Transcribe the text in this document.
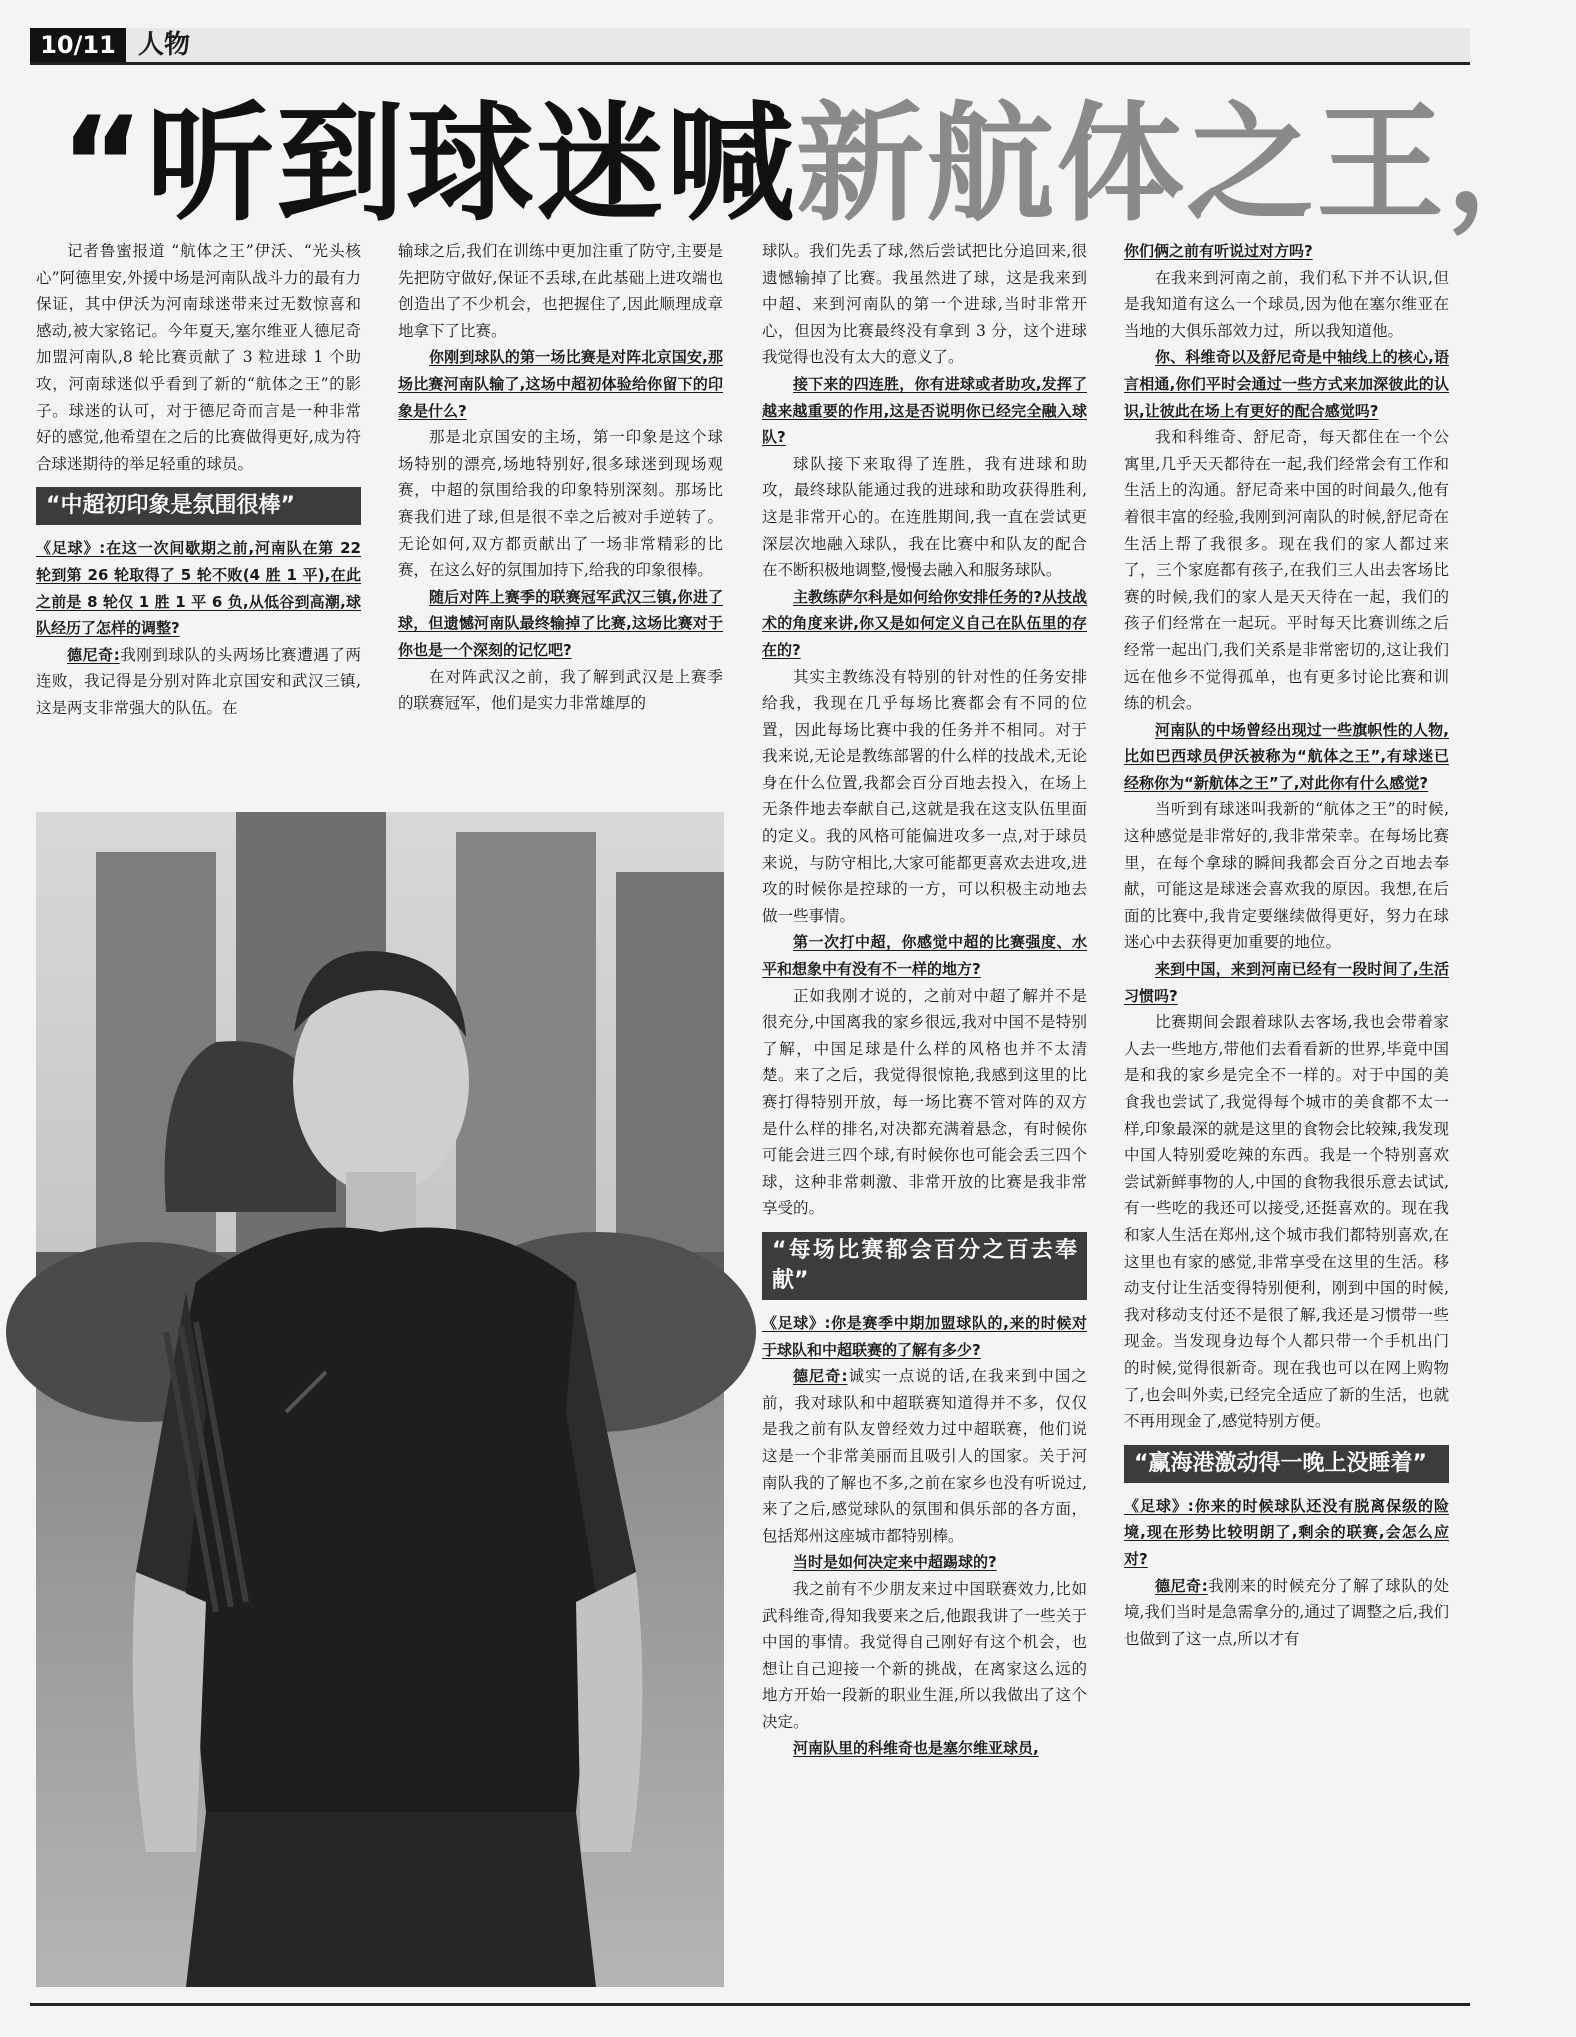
10/11 人物
“听到球迷喊新航体之王，

记者鲁蜜报道 “航体之王”伊沃、“光头核心”阿德里安,外援中场是河南队战斗力的最有力保证，其中伊沃为河南球迷带来过无数惊喜和感动,被大家铭记。今年夏天,塞尔维亚人德尼奇加盟河南队,8 轮比赛贡献了 3 粒进球 1 个助攻，河南球迷似乎看到了新的“航体之王”的影子。球迷的认可，对于德尼奇而言是一种非常好的感觉,他希望在之后的比赛做得更好,成为符合球迷期待的举足轻重的球员。

“中超初印象是氛围很棒”

《足球》:在这一次间歇期之前,河南队在第 22 轮到第 26 轮取得了 5 轮不败(4 胜 1 平),在此之前是 8 轮仅 1 胜 1 平 6 负,从低谷到高潮,球队经历了怎样的调整?

德尼奇:我刚到球队的头两场比赛遭遇了两连败，我记得是分别对阵北京国安和武汉三镇,这是两支非常强大的队伍。在

输球之后,我们在训练中更加注重了防守,主要是先把防守做好,保证不丢球,在此基础上进攻端也创造出了不少机会，也把握住了,因此顺理成章地拿下了比赛。

你刚到球队的第一场比赛是对阵北京国安,那场比赛河南队输了,这场中超初体验给你留下的印象是什么?

那是北京国安的主场，第一印象是这个球场特别的漂亮,场地特别好,很多球迷到现场观赛，中超的氛围给我的印象特别深刻。那场比赛我们进了球,但是很不幸之后被对手逆转了。无论如何,双方都贡献出了一场非常精彩的比赛，在这么好的氛围加持下,给我的印象很棒。

随后对阵上赛季的联赛冠军武汉三镇,你进了球，但遗憾河南队最终输掉了比赛,这场比赛对于你也是一个深刻的记忆吧?

在对阵武汉之前，我了解到武汉是上赛季的联赛冠军，他们是实力非常雄厚的

球队。我们先丢了球,然后尝试把比分追回来,很遗憾输掉了比赛。我虽然进了球，这是我来到中超、来到河南队的第一个进球,当时非常开心，但因为比赛最终没有拿到 3 分，这个进球我觉得也没有太大的意义了。

接下来的四连胜，你有进球或者助攻,发挥了越来越重要的作用,这是否说明你已经完全融入球队?

球队接下来取得了连胜，我有进球和助攻，最终球队能通过我的进球和助攻获得胜利,这是非常开心的。在连胜期间,我一直在尝试更深层次地融入球队，我在比赛中和队友的配合在不断积极地调整,慢慢去融入和服务球队。

主教练萨尔科是如何给你安排任务的?从技战术的角度来讲,你又是如何定义自己在队伍里的存在的?

其实主教练没有特别的针对性的任务安排给我，我现在几乎每场比赛都会有不同的位置，因此每场比赛中我的任务并不相同。对于我来说,无论是教练部署的什么样的技战术,无论身在什么位置,我都会百分百地去投入，在场上无条件地去奉献自己,这就是我在这支队伍里面的定义。我的风格可能偏进攻多一点,对于球员来说，与防守相比,大家可能都更喜欢去进攻,进攻的时候你是控球的一方，可以积极主动地去做一些事情。

第一次打中超，你感觉中超的比赛强度、水平和想象中有没有不一样的地方?

正如我刚才说的，之前对中超了解并不是很充分,中国离我的家乡很远,我对中国不是特别了解，中国足球是什么样的风格也并不太清楚。来了之后，我觉得很惊艳,我感到这里的比赛打得特别开放，每一场比赛不管对阵的双方是什么样的排名,对决都充满着悬念，有时候你可能会进三四个球,有时候你也可能会丢三四个球，这种非常刺激、非常开放的比赛是我非常享受的。

“每场比赛都会百分之百去奉献”

《足球》:你是赛季中期加盟球队的,来的时候对于球队和中超联赛的了解有多少?

德尼奇:诚实一点说的话,在我来到中国之前，我对球队和中超联赛知道得并不多，仅仅是我之前有队友曾经效力过中超联赛，他们说这是一个非常美丽而且吸引人的国家。关于河南队我的了解也不多,之前在家乡也没有听说过,来了之后,感觉球队的氛围和俱乐部的各方面，包括郑州这座城市都特别棒。

当时是如何决定来中超踢球的?

我之前有不少朋友来过中国联赛效力,比如武科维奇,得知我要来之后,他跟我讲了一些关于中国的事情。我觉得自己刚好有这个机会，也想让自己迎接一个新的挑战，在离家这么远的地方开始一段新的职业生涯,所以我做出了这个决定。

河南队里的科维奇也是塞尔维亚球员,

你们俩之前有听说过对方吗?

在我来到河南之前，我们私下并不认识,但是我知道有这么一个球员,因为他在塞尔维亚在当地的大俱乐部效力过，所以我知道他。

你、科维奇以及舒尼奇是中轴线上的核心,语言相通,你们平时会通过一些方式来加深彼此的认识,让彼此在场上有更好的配合感觉吗?

我和科维奇、舒尼奇，每天都住在一个公寓里,几乎天天都待在一起,我们经常会有工作和生活上的沟通。舒尼奇来中国的时间最久,他有着很丰富的经验,我刚到河南队的时候,舒尼奇在生活上帮了我很多。现在我们的家人都过来了，三个家庭都有孩子,在我们三人出去客场比赛的时候,我们的家人是天天待在一起，我们的孩子们经常在一起玩。平时每天比赛训练之后经常一起出门,我们关系是非常密切的,这让我们远在他乡不觉得孤单，也有更多讨论比赛和训练的机会。

河南队的中场曾经出现过一些旗帜性的人物,比如巴西球员伊沃被称为“航体之王”,有球迷已经称你为“新航体之王”了,对此你有什么感觉?

当听到有球迷叫我新的“航体之王”的时候,这种感觉是非常好的,我非常荣幸。在每场比赛里，在每个拿球的瞬间我都会百分之百地去奉献，可能这是球迷会喜欢我的原因。我想,在后面的比赛中,我肯定要继续做得更好，努力在球迷心中去获得更加重要的地位。

来到中国，来到河南已经有一段时间了,生活习惯吗?

比赛期间会跟着球队去客场,我也会带着家人去一些地方,带他们去看看新的世界,毕竟中国是和我的家乡是完全不一样的。对于中国的美食我也尝试了,我觉得每个城市的美食都不太一样,印象最深的就是这里的食物会比较辣,我发现中国人特别爱吃辣的东西。我是一个特别喜欢尝试新鲜事物的人,中国的食物我很乐意去试试,有一些吃的我还可以接受,还挺喜欢的。现在我和家人生活在郑州,这个城市我们都特别喜欢,在这里也有家的感觉,非常享受在这里的生活。移动支付让生活变得特别便利，刚到中国的时候,我对移动支付还不是很了解,我还是习惯带一些现金。当发现身边每个人都只带一个手机出门的时候,觉得很新奇。现在我也可以在网上购物了,也会叫外卖,已经完全适应了新的生活，也就不再用现金了,感觉特别方便。

“赢海港激动得一晚上没睡着”

《足球》:你来的时候球队还没有脱离保级的险境,现在形势比较明朗了,剩余的联赛,会怎么应对?

德尼奇:我刚来的时候充分了解了球队的处境,我们当时是急需拿分的,通过了调整之后,我们也做到了这一点,所以才有
